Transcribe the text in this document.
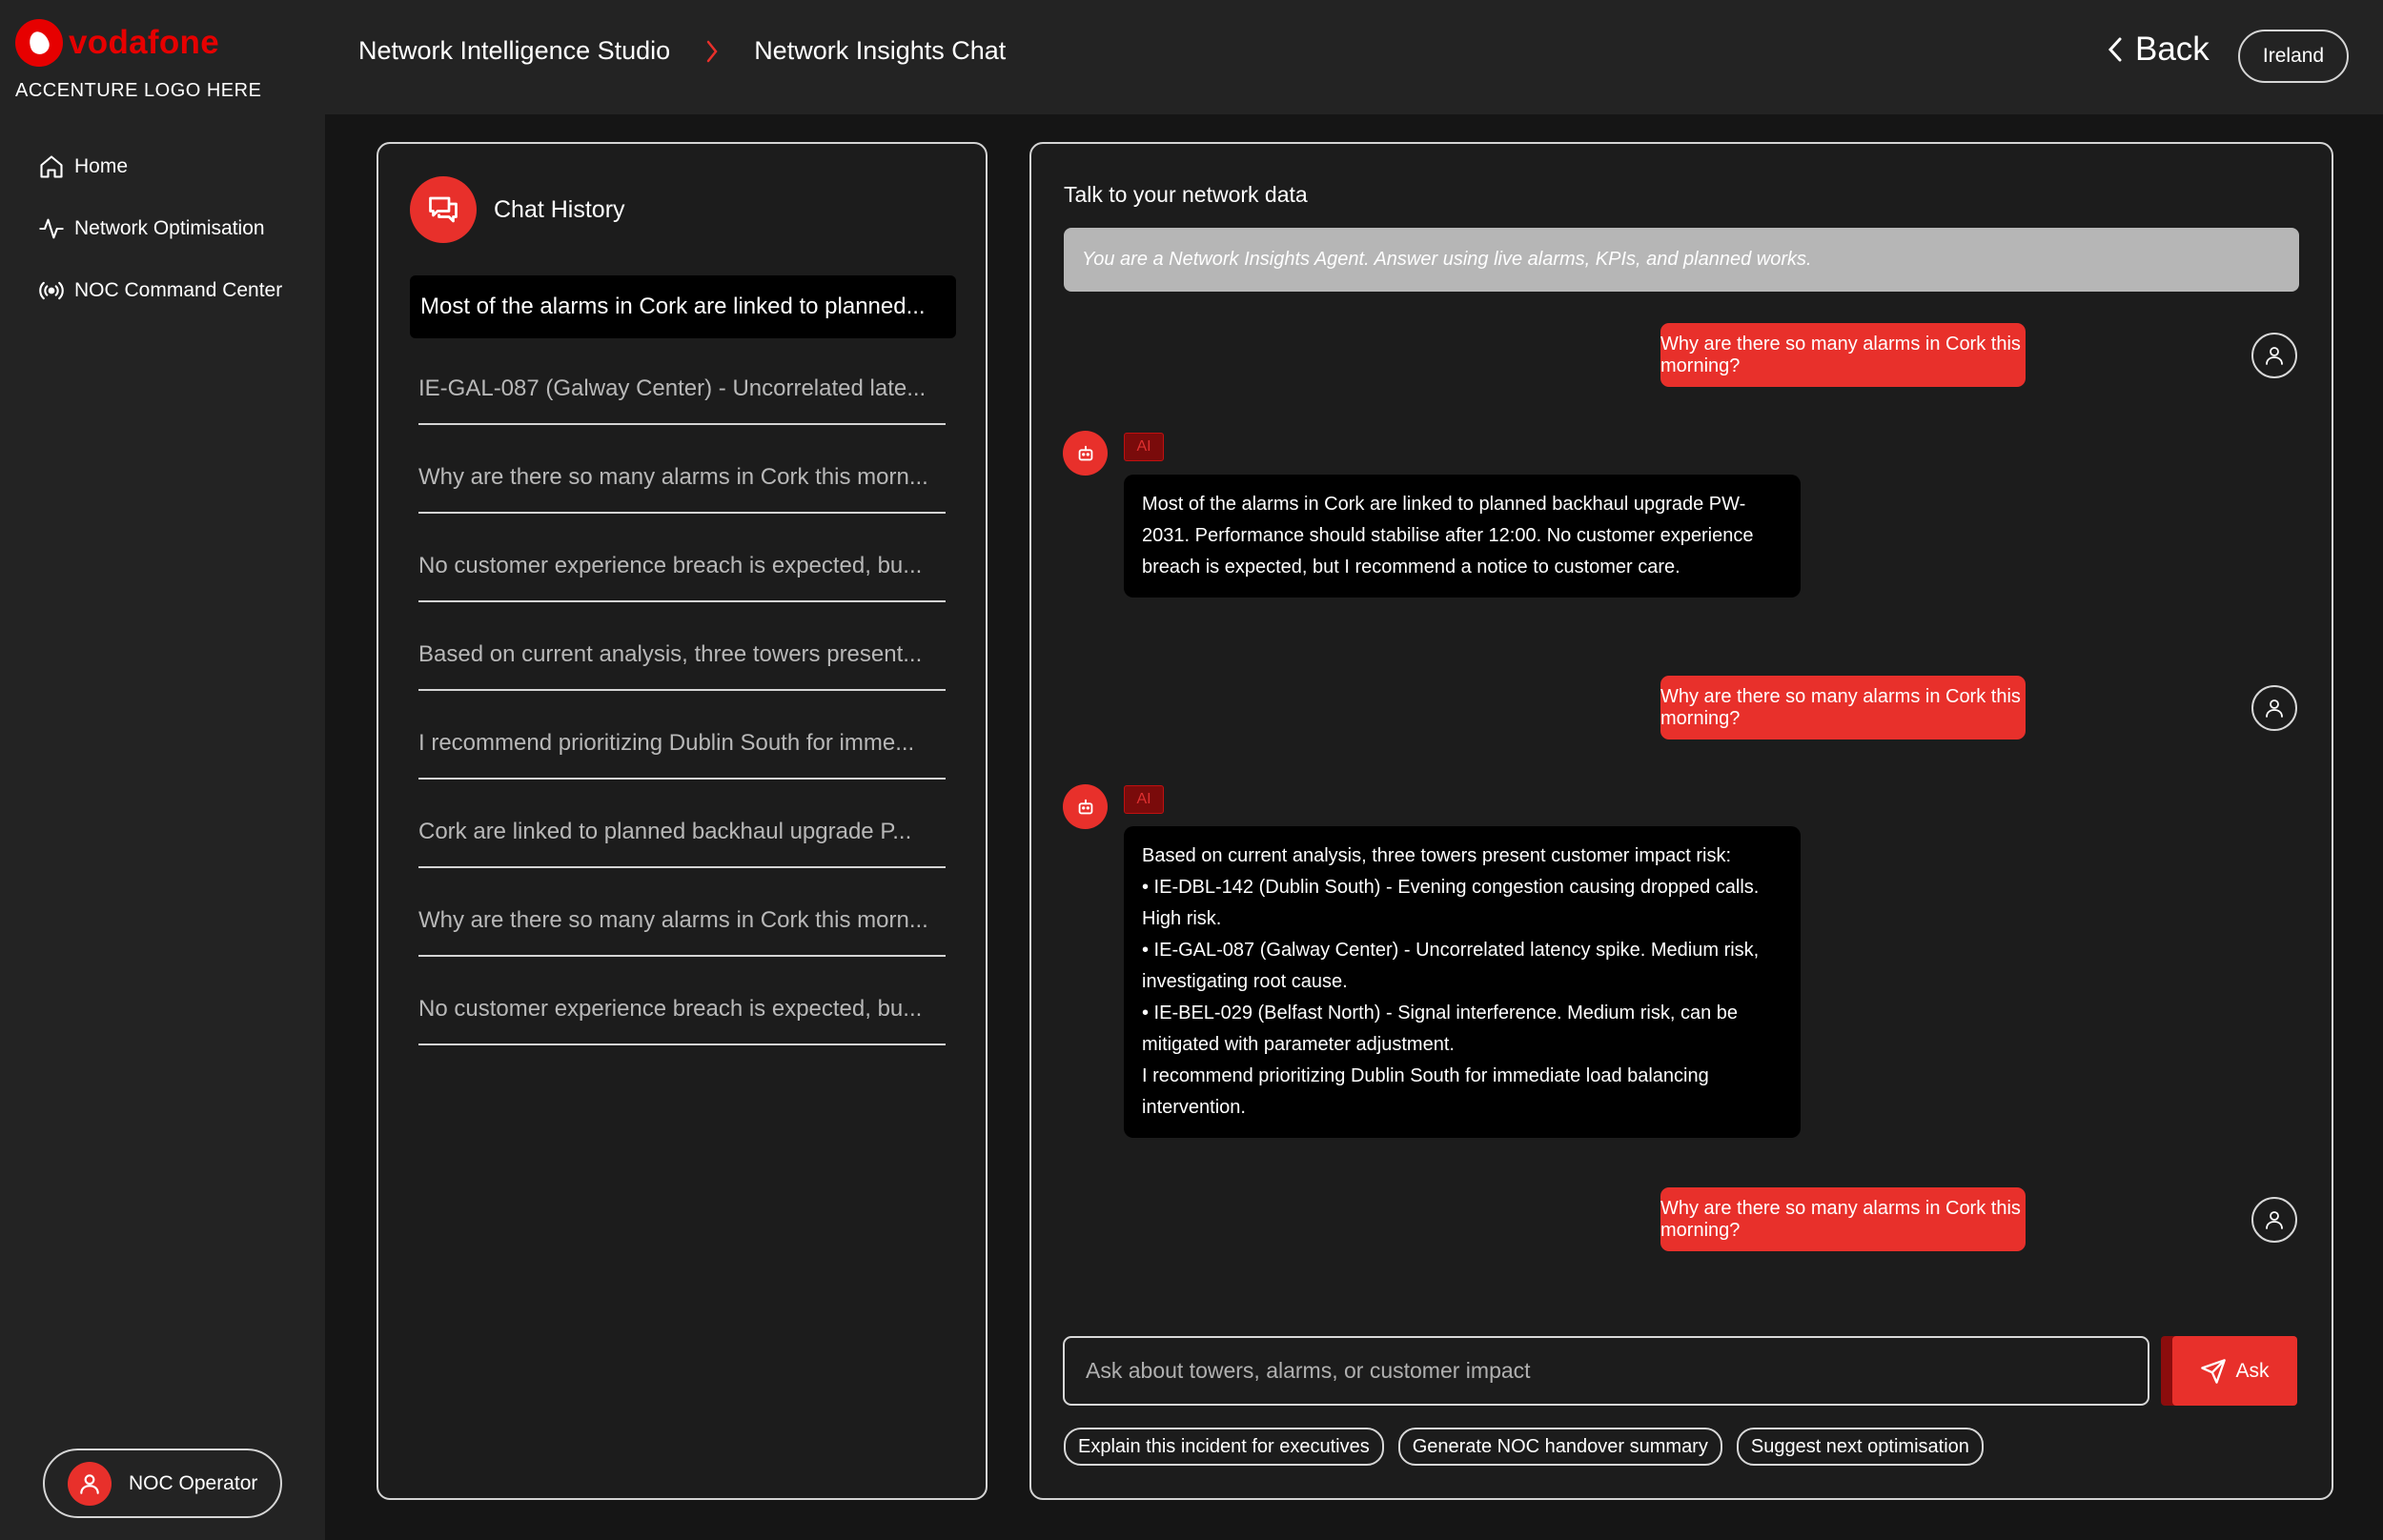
vodafone
ACCENTURE LOGO HERE
Home
Network Optimisation
NOC Command Center
NOC Operator
Network Intelligence Studio	Network Insights Chat	Back	Ireland
Chat History
Most of the alarms in Cork are linked to planned...
IE-GAL-087 (Galway Center) - Uncorrelated late...
Why are there so many alarms in Cork this morn...
No customer experience breach is expected, bu...
Based on current analysis, three towers present...
I recommend prioritizing Dublin South for imme...
Cork are linked to planned backhaul upgrade P...
Why are there so many alarms in Cork this morn...
No customer experience breach is expected, bu...
Talk to your network data
You are a Network Insights Agent. Answer using live alarms, KPIs, and planned works.
Why are there so many alarms in Cork this morning?
AI
Most of the alarms in Cork are linked to planned backhaul upgrade PW-2031. Performance should stabilise after 12:00. No customer experience breach is expected, but I recommend a notice to customer care.
Why are there so many alarms in Cork this morning?
AI
Based on current analysis, three towers present customer impact risk:
• IE-DBL-142 (Dublin South) - Evening congestion causing dropped calls. High risk.
• IE-GAL-087 (Galway Center) - Uncorrelated latency spike. Medium risk, investigating root cause.
• IE-BEL-029 (Belfast North) - Signal interference. Medium risk, can be mitigated with parameter adjustment.
I recommend prioritizing Dublin South for immediate load balancing intervention.
Why are there so many alarms in Cork this morning?
Ask about towers, alarms, or customer impact	Ask
Explain this incident for executives	Generate NOC handover summary	Suggest next optimisation
